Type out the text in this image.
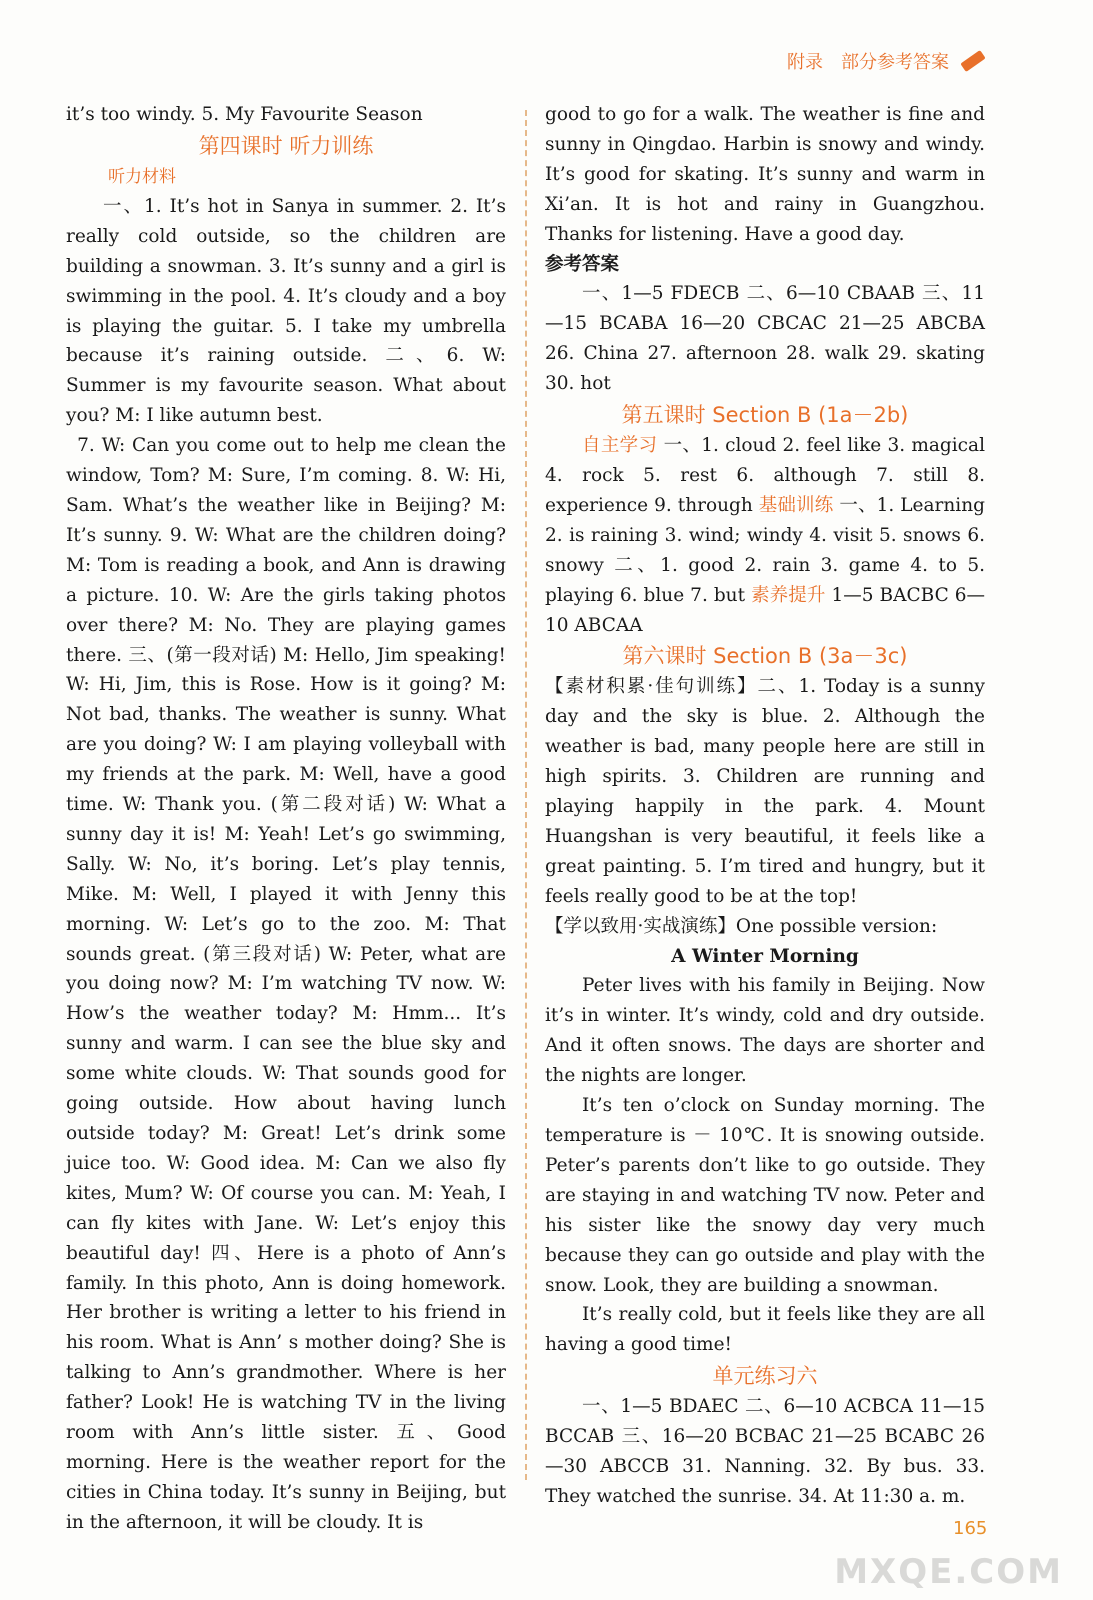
附录 部分参考答案

it’s too windy. 5. My Favourite Season

第四课时 听力训练

听力材料

一、1. It’s hot in Sanya in summer. 2. It’s really cold outside, so the children are building a snowman. 3. It’s sunny and a girl is swimming in the pool. 4. It’s cloudy and a boy is playing the guitar. 5. I take my umbrella because it’s raining outside. 二、6. W: Summer is my favourite season. What about you? M: I like autumn best.

7. W: Can you come out to help me clean the window, Tom? M: Sure, I’m coming. 8. W: Hi, Sam. What’s the weather like in Beijing? M: It’s sunny. 9. W: What are the children doing? M: Tom is reading a book, and Ann is drawing a picture. 10. W: Are the girls taking photos over there? M: No. They are playing games there. 三、(第一段对话) M: Hello, Jim speaking! W: Hi, Jim, this is Rose. How is it going? M: Not bad, thanks. The weather is sunny. What are you doing? W: I am playing volleyball with my friends at the park. M: Well, have a good time. W: Thank you. (第二段对话) W: What a sunny day it is! M: Yeah! Let’s go swimming, Sally. W: No, it’s boring. Let’s play tennis, Mike. M: Well, I played it with Jenny this morning. W: Let’s go to the zoo. M: That sounds great. (第三段对话) W: Peter, what are you doing now? M: I’m watching TV now. W: How’s the weather today? M: Hmm... It’s sunny and warm. I can see the blue sky and some white clouds. W: That sounds good for going outside. How about having lunch outside today? M: Great! Let’s drink some juice too. W: Good idea. M: Can we also fly kites, Mum? W: Of course you can. M: Yeah, I can fly kites with Jane. W: Let’s enjoy this beautiful day! 四、Here is a photo of Ann’s family. In this photo, Ann is doing homework. Her brother is writing a letter to his friend in his room. What is Ann’ s mother doing? She is talking to Ann’s grandmother. Where is her father? Look! He is watching TV in the living room with Ann’s little sister. 五、Good morning. Here is the weather report for the cities in China today. It’s sunny in Beijing, but in the afternoon, it will be cloudy. It is

good to go for a walk. The weather is fine and sunny in Qingdao. Harbin is snowy and windy. It’s good for skating. It’s sunny and warm in Xi’an. It is hot and rainy in Guangzhou. Thanks for listening. Have a good day.

参考答案

一、1—5 FDECB 二、6—10 CBAAB 三、11—15 BCABA 16—20 CBCAC 21—25 ABCBA 26. China 27. afternoon 28. walk 29. skating 30. hot

第五课时 Section B (1a－2b)

自主学习 一、1. cloud 2. feel like 3. magical 4. rock 5. rest 6. although 7. still 8. experience 9. through 基础训练 一、1. Learning 2. is raining 3. wind; windy 4. visit 5. snows 6. snowy 二、1. good 2. rain 3. game 4. to 5. playing 6. blue 7. but 素养提升 1—5 BACBC 6—10 ABCAA

第六课时 Section B (3a－3c)

【素材积累·佳句训练】二、1. Today is a sunny day and the sky is blue. 2. Although the weather is bad, many people here are still in high spirits. 3. Children are running and playing happily in the park. 4. Mount Huangshan is very beautiful, it feels like a great painting. 5. I’m tired and hungry, but it feels really good to be at the top!

【学以致用·实战演练】One possible version:

A Winter Morning

Peter lives with his family in Beijing. Now it’s in winter. It’s windy, cold and dry outside. And it often snows. The days are shorter and the nights are longer.

It’s ten o’clock on Sunday morning. The temperature is － 10℃. It is snowing outside. Peter’s parents don’t like to go outside. They are staying in and watching TV now. Peter and his sister like the snowy day very much because they can go outside and play with the snow. Look, they are building a snowman.

It’s really cold, but it feels like they are all having a good time!

单元练习六

一、1—5 BDAEC 二、6—10 ACBCA 11—15 BCCAB 三、16—20 BCBAC 21—25 BCABC 26—30 ABCCB 31. Nanning. 32. By bus. 33. They watched the sunrise. 34. At 11:30 a. m.

165
MXQE.COM
